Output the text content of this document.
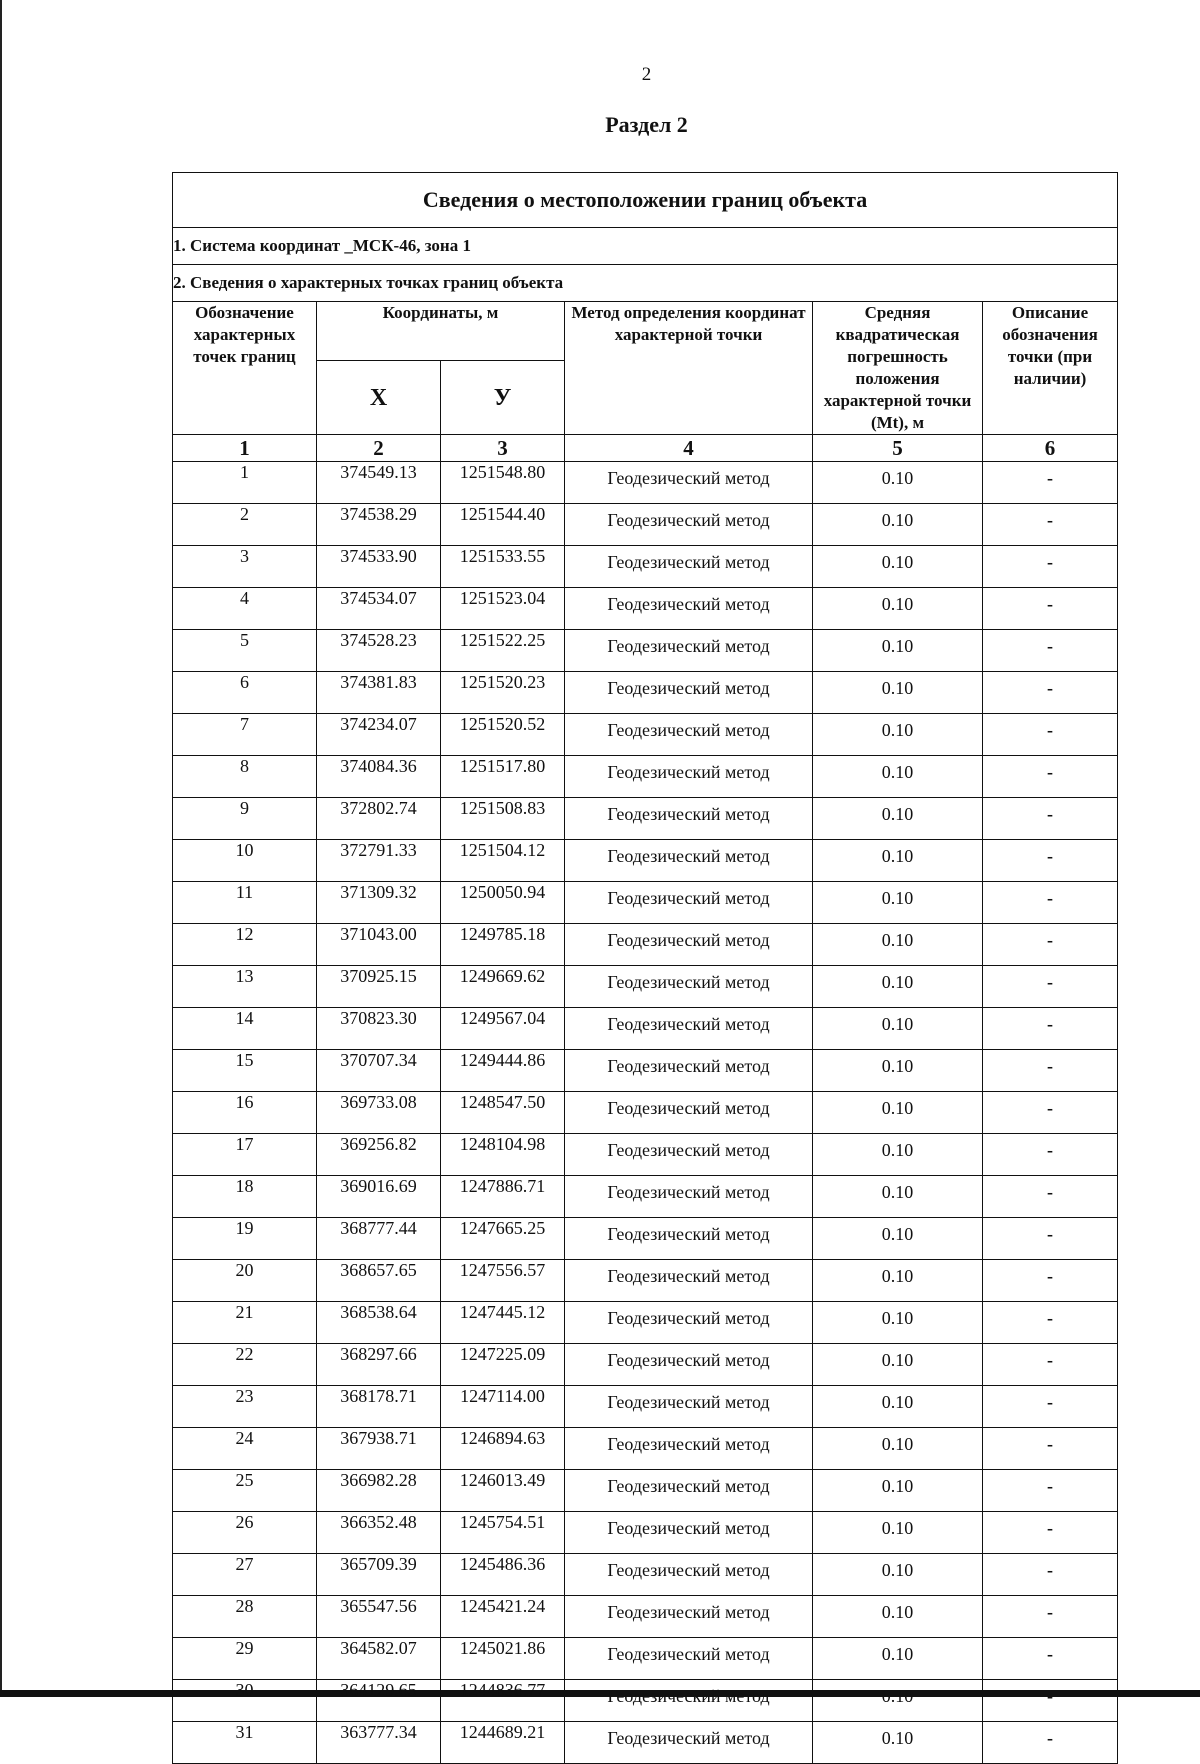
2
Раздел 2
Сведения о местоположении границ объекта					
1. Система координат _МСК-46, зона 1					
2. Сведения о характерных точках границ объекта					
Обозначение характерных точек границ	Координаты, м		Метод определения координат характерной точки	Средняя квадратическая погрешность положения характерной точки (Mt), м	Описание обозначения точки (при наличии)
	X	У			
1	2	3	4	5	6
1	374549.13	1251548.80	Геодезический метод	0.10	-
2	374538.29	1251544.40	Геодезический метод	0.10	-
3	374533.90	1251533.55	Геодезический метод	0.10	-
4	374534.07	1251523.04	Геодезический метод	0.10	-
5	374528.23	1251522.25	Геодезический метод	0.10	-
6	374381.83	1251520.23	Геодезический метод	0.10	-
7	374234.07	1251520.52	Геодезический метод	0.10	-
8	374084.36	1251517.80	Геодезический метод	0.10	-
9	372802.74	1251508.83	Геодезический метод	0.10	-
10	372791.33	1251504.12	Геодезический метод	0.10	-
11	371309.32	1250050.94	Геодезический метод	0.10	-
12	371043.00	1249785.18	Геодезический метод	0.10	-
13	370925.15	1249669.62	Геодезический метод	0.10	-
14	370823.30	1249567.04	Геодезический метод	0.10	-
15	370707.34	1249444.86	Геодезический метод	0.10	-
16	369733.08	1248547.50	Геодезический метод	0.10	-
17	369256.82	1248104.98	Геодезический метод	0.10	-
18	369016.69	1247886.71	Геодезический метод	0.10	-
19	368777.44	1247665.25	Геодезический метод	0.10	-
20	368657.65	1247556.57	Геодезический метод	0.10	-
21	368538.64	1247445.12	Геодезический метод	0.10	-
22	368297.66	1247225.09	Геодезический метод	0.10	-
23	368178.71	1247114.00	Геодезический метод	0.10	-
24	367938.71	1246894.63	Геодезический метод	0.10	-
25	366982.28	1246013.49	Геодезический метод	0.10	-
26	366352.48	1245754.51	Геодезический метод	0.10	-
27	365709.39	1245486.36	Геодезический метод	0.10	-
28	365547.56	1245421.24	Геодезический метод	0.10	-
29	364582.07	1245021.86	Геодезический метод	0.10	-
30	364129.65	1244836.77	Геодезический метод	0.10	-
31	363777.34	1244689.21	Геодезический метод	0.10	-
